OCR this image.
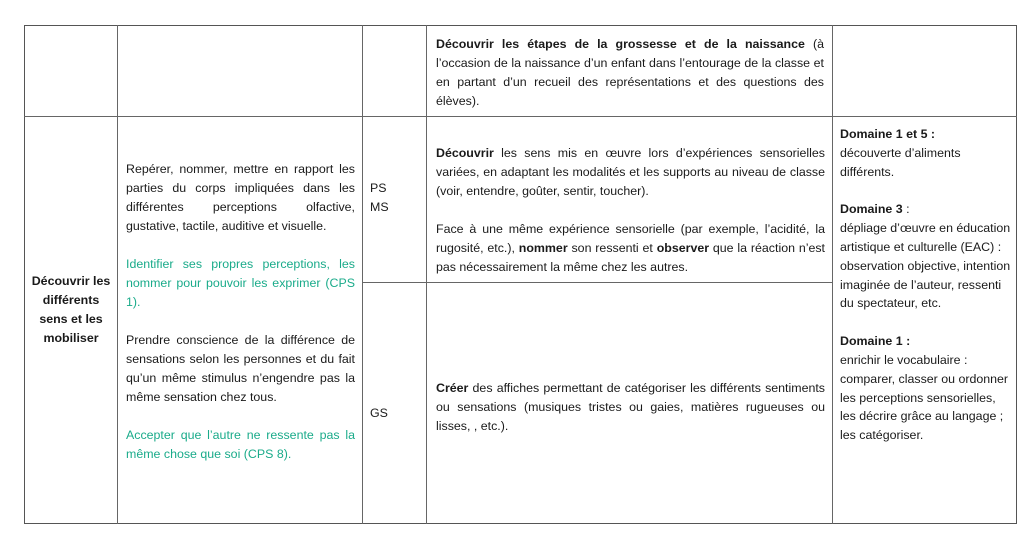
Découvrir les étapes de la grossesse et de la naissance (à l’occasion de la naissance d’un enfant dans l’entourage de la classe et en partant d’un recueil des représentations et des questions des élèves).
Découvrir les différents sens et les mobiliser

Repérer, nommer, mettre en rapport les parties du corps impliquées dans les différentes perceptions olfactive, gustative, tactile, auditive et visuelle.

Identifier ses propres perceptions, les nommer pour pouvoir les exprimer (CPS 1).

Prendre conscience de la différence de sensations selon les personnes et du fait qu’un même stimulus n’engendre pas la même sensation chez tous.

Accepter que l’autre ne ressente pas la même chose que soi (CPS 8).

PS

MS

GS

Découvrir les sens mis en œuvre lors d’expériences sensorielles variées, en adaptant les modalités et les supports au niveau de classe (voir, entendre, goûter, sentir, toucher).

Face à une même expérience sensorielle (par exemple, l’acidité, la rugosité, etc.), nommer son ressenti et observer que la réaction n’est pas nécessairement la même chez les autres.

Créer des affiches permettant de catégoriser les différents sentiments ou sensations (musiques tristes ou gaies, matières rugueuses ou lisses, , etc.).

Domaine 1 et 5 :

découverte d’aliments différents.

Domaine 3 :

dépliage d’œuvre en éducation artistique et culturelle (EAC) : observation objective, intention imaginée de l’auteur, ressenti du spectateur, etc.

Domaine 1 :

enrichir le vocabulaire : comparer, classer ou ordonner les perceptions sensorielles, les décrire grâce au langage ; les catégoriser.
